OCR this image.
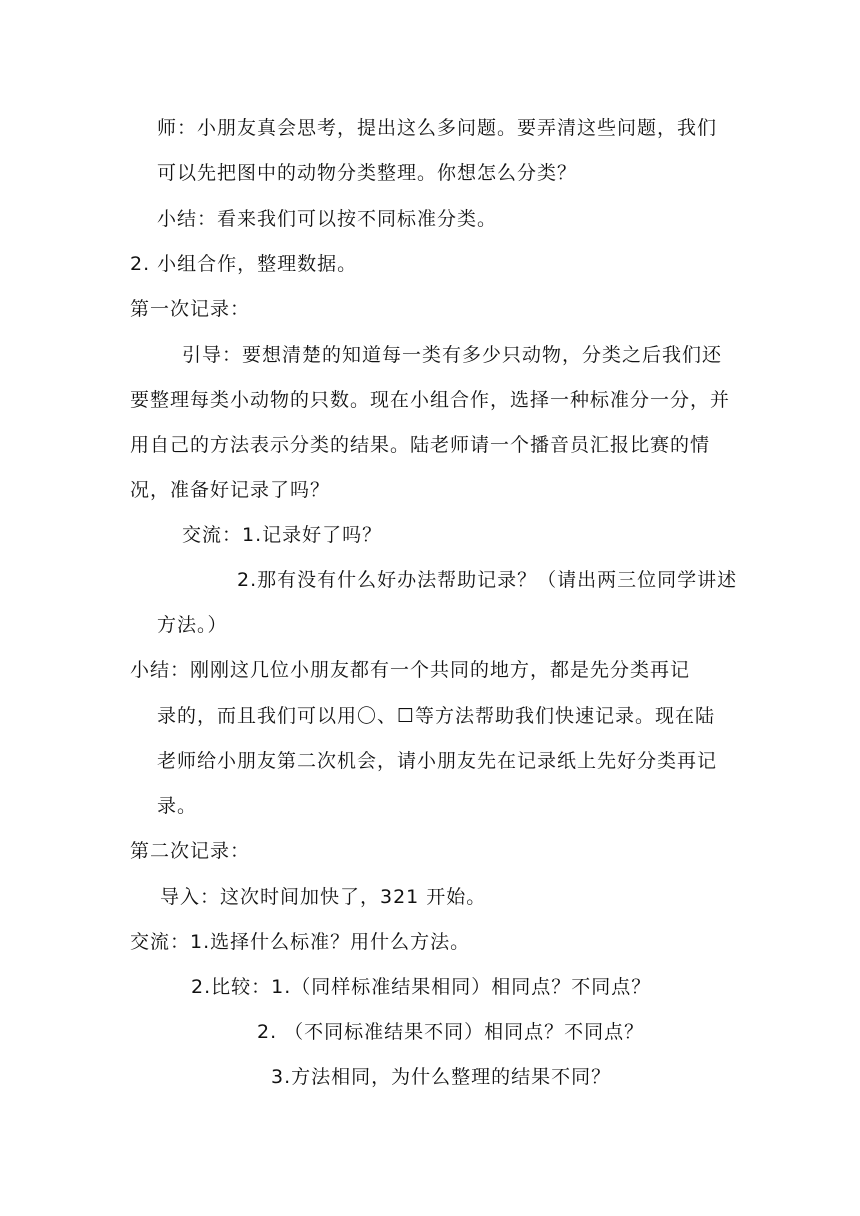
师：小朋友真会思考，提出这么多问题。要弄清这些问题，我们
可以先把图中的动物分类整理。你想怎么分类？
小结：看来我们可以按不同标准分类。
2. 小组合作，整理数据。
第一次记录：
引导：要想清楚的知道每一类有多少只动物，分类之后我们还
要整理每类小动物的只数。现在小组合作，选择一种标准分一分，并
用自己的方法表示分类的结果。陆老师请一个播音员汇报比赛的情
况，准备好记录了吗？
交流：1.记录好了吗？
2.那有没有什么好办法帮助记录？（请出两三位同学讲述
方法。）
小结：刚刚这几位小朋友都有一个共同的地方，都是先分类再记
录的，而且我们可以用〇、☐等方法帮助我们快速记录。现在陆
老师给小朋友第二次机会，请小朋友先在记录纸上先好分类再记
录。
第二次记录：
导入：这次时间加快了，321 开始。
交流：1.选择什么标准？用什么方法。
2.比较：1.（同样标准结果相同）相同点？不同点？
2. （不同标准结果不同）相同点？不同点？
3.方法相同，为什么整理的结果不同？
